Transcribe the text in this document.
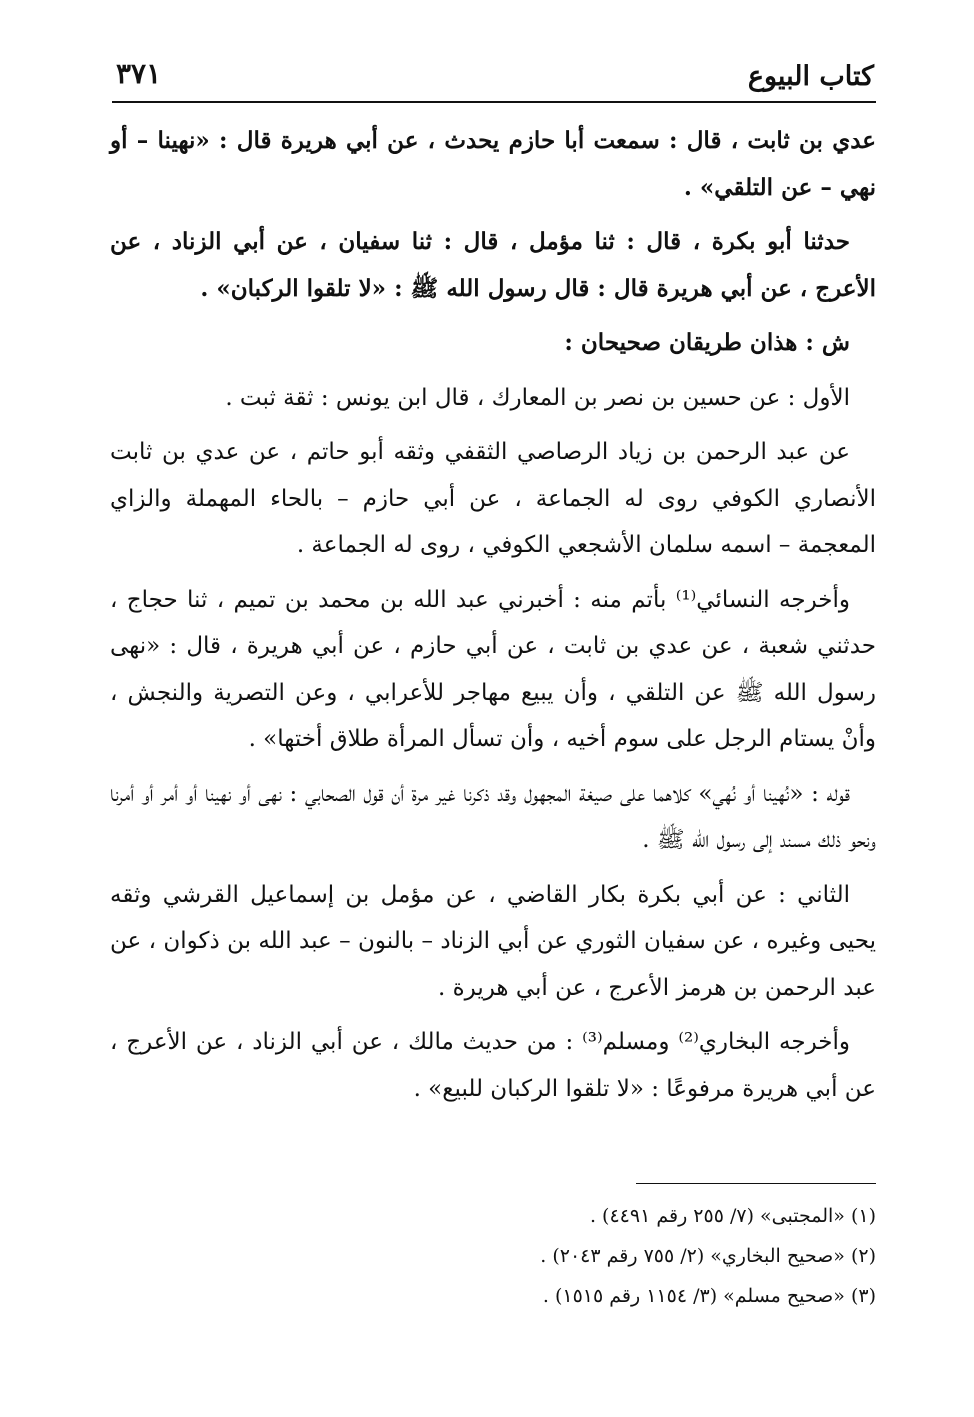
كتاب البيوع
٣٧١

عدي بن ثابت ، قال : سمعت أبا حازم يحدث ، عن أبي هريرة قال : «نهينا – أو نهي – عن التلقي» .

حدثنا أبو بكرة ، قال : ثنا مؤمل ، قال : ثنا سفيان ، عن أبي الزناد ، عن الأعرج ، عن أبي هريرة قال : قال رسول الله ﷺ : «لا تلقوا الركبان» .

ش : هذان طريقان صحيحان :

الأول : عن حسين بن نصر بن المعارك ، قال ابن يونس : ثقة ثبت .

عن عبد الرحمن بن زياد الرصاصي الثقفي وثقه أبو حاتم ، عن عدي بن ثابت الأنصاري الكوفي روى له الجماعة ، عن أبي حازم – بالحاء المهملة والزاي المعجمة – اسمه سلمان الأشجعي الكوفي ، روى له الجماعة .

وأخرجه النسائي⁽¹⁾ بأتم منه : أخبرني عبد الله بن محمد بن تميم ، ثنا حجاج ، حدثني شعبة ، عن عدي بن ثابت ، عن أبي حازم ، عن أبي هريرة ، قال : «نهى رسول الله ﷺ عن التلقي ، وأن يبيع مهاجر للأعرابي ، وعن التصرية والنجش ، وأنْ يستام الرجل على سوم أخيه ، وأن تسأل المرأة طلاق أختها» .

قوله : «نُهينا أو نُهي» كلاهما على صيغة المجهول وقد ذكرنا غير مرة أن قول الصحابي : نهى أو نهينا أو أمر أو أمرنا ونحو ذلك مسند إلى رسول الله ﷺ .

الثاني : عن أبي بكرة بكار القاضي ، عن مؤمل بن إسماعيل القرشي وثقه يحيى وغيره ، عن سفيان الثوري عن أبي الزناد – بالنون – عبد الله بن ذكوان ، عن عبد الرحمن بن هرمز الأعرج ، عن أبي هريرة .

وأخرجه البخاري⁽²⁾ ومسلم⁽³⁾ : من حديث مالك ، عن أبي الزناد ، عن الأعرج ، عن أبي هريرة مرفوعًا : «لا تلقوا الركبان للبيع» .

(١) «المجتبى» (٧/ ٢٥٥ رقم ٤٤٩١) .
(٢) «صحيح البخاري» (٢/ ٧٥٥ رقم ٢٠٤٣) .
(٣) «صحيح مسلم» (٣/ ١١٥٤ رقم ١٥١٥) .
